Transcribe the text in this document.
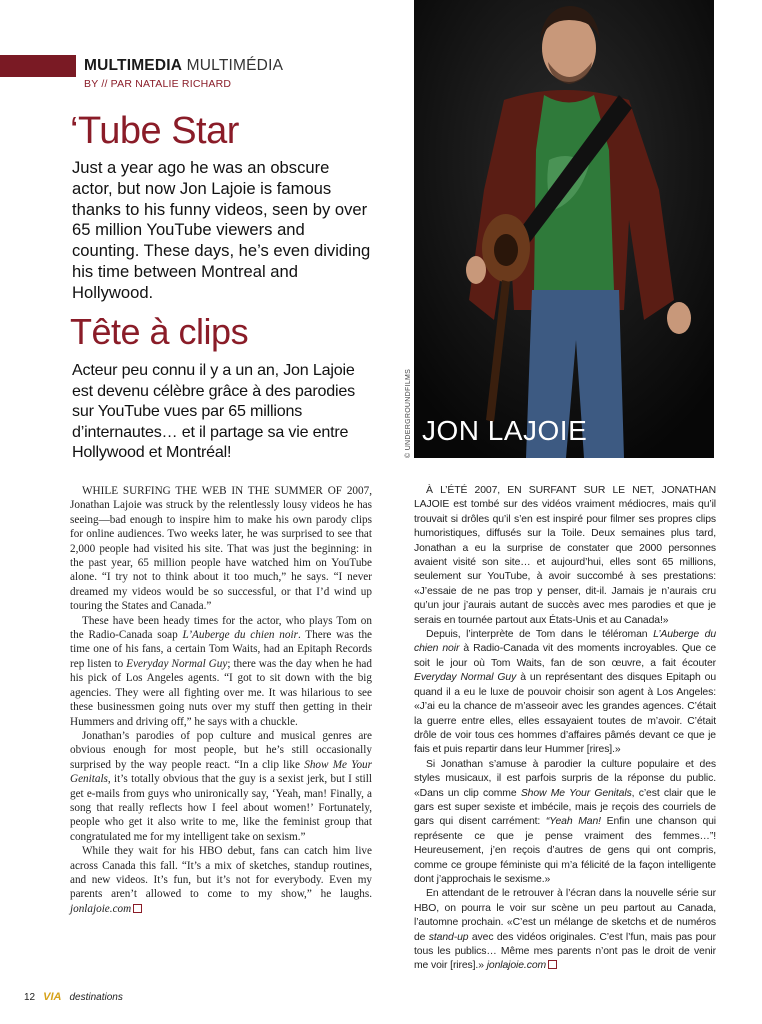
MULTIMEDIA MULTIMÉDIA
BY // PAR NATALIE RICHARD
‘Tube Star

Just a year ago he was an obscure actor, but now Jon Lajoie is famous thanks to his funny videos, seen by over 65 million YouTube viewers and counting. These days, he’s even dividing his time between Montreal and Hollywood.

Tête à clips

Acteur peu connu il y a un an, Jon Lajoie est devenu célèbre grâce à des parodies sur YouTube vues par 65 millions d’internautes… et il partage sa vie entre Hollywood et Montréal!

JON LAJOIE
© UNDERGROUNDFILMS

WHILE SURFING THE WEB IN THE SUMMER OF 2007, Jonathan Lajoie was struck by the relentlessly lousy videos he has seeing—bad enough to inspire him to make his own parody clips for online audiences. Two weeks later, he was surprised to see that 2,000 people had visited his site. That was just the beginning: in the past year, 65 million people have watched him on YouTube alone. “I try not to think about it too much,” he says. “I never dreamed my videos would be so successful, or that I’d wind up touring the States and Canada.”

These have been heady times for the actor, who plays Tom on the Radio-Canada soap L’Auberge du chien noir. There was the time one of his fans, a certain Tom Waits, had an Epitaph Records rep listen to Everyday Normal Guy; there was the day when he had his pick of Los Angeles agents. “I got to sit down with the big agencies. They were all fighting over me. It was hilarious to see these businessmen going nuts over my stuff then getting in their Hummers and driving off,” he says with a chuckle.

Jonathan’s parodies of pop culture and musical genres are obvious enough for most people, but he’s still occasionally surprised by the way people react. “In a clip like Show Me Your Genitals, it’s totally obvious that the guy is a sexist jerk, but I still get e-mails from guys who unironically say, ‘Yeah, man! Finally, a song that really reflects how I feel about women!’ Fortunately, people who get it also write to me, like the feminist group that congratulated me for my intelligent take on sexism.”

While they wait for his HBO debut, fans can catch him live across Canada this fall. “It’s a mix of sketches, standup routines, and new videos. It’s fun, but it’s not for everybody. Even my parents aren’t allowed to come to my show,” he laughs. jonlajoie.com

À L’ÉTÉ 2007, EN SURFANT SUR LE NET, JONATHAN LAJOIE est tombé sur des vidéos vraiment médiocres, mais qu’il trouvait si drôles qu’il s’en est inspiré pour filmer ses propres clips humoristiques, diffusés sur la Toile. Deux semaines plus tard, Jonathan a eu la surprise de constater que 2000 personnes avaient visité son site… et aujourd’hui, elles sont 65 millions, seulement sur YouTube, à avoir succombé à ses prestations: «J’essaie de ne pas trop y penser, dit-il. Jamais je n’aurais cru qu’un jour j’aurais autant de succès avec mes parodies et que je serais en tournée partout aux États-Unis et au Canada!»

Depuis, l’interprète de Tom dans le téléroman L’Auberge du chien noir à Radio-Canada vit des moments incroyables. Que ce soit le jour où Tom Waits, fan de son œuvre, a fait écouter Everyday Normal Guy à un représentant des disques Epitaph ou quand il a eu le luxe de pouvoir choisir son agent à Los Angeles: «J’ai eu la chance de m’asseoir avec les grandes agences. C’était la guerre entre elles, elles essayaient toutes de m’avoir. C’était drôle de voir tous ces hommes d’affaires pâmés devant ce que je fais et puis repartir dans leur Hummer [rires].»

Si Jonathan s’amuse à parodier la culture populaire et des styles musicaux, il est parfois surpris de la réponse du public. «Dans un clip comme Show Me Your Genitals, c’est clair que le gars est super sexiste et imbécile, mais je reçois des courriels de gars qui disent carrément: “Yeah Man! Enfin une chanson qui représente ce que je pense vraiment des femmes…”! Heureusement, j’en reçois d’autres de gens qui ont compris, comme ce groupe féministe qui m’a félicité de la façon intelligente dont j’approchais le sexisme.»

En attendant de le retrouver à l’écran dans la nouvelle série sur HBO, on pourra le voir sur scène un peu partout au Canada, l’automne prochain. «C’est un mélange de sketchs et de numéros de stand-up avec des vidéos originales. C’est l’fun, mais pas pour tous les publics… Même mes parents n’ont pas le droit de venir me voir [rires].» jonlajoie.com

12 VIA destinations
